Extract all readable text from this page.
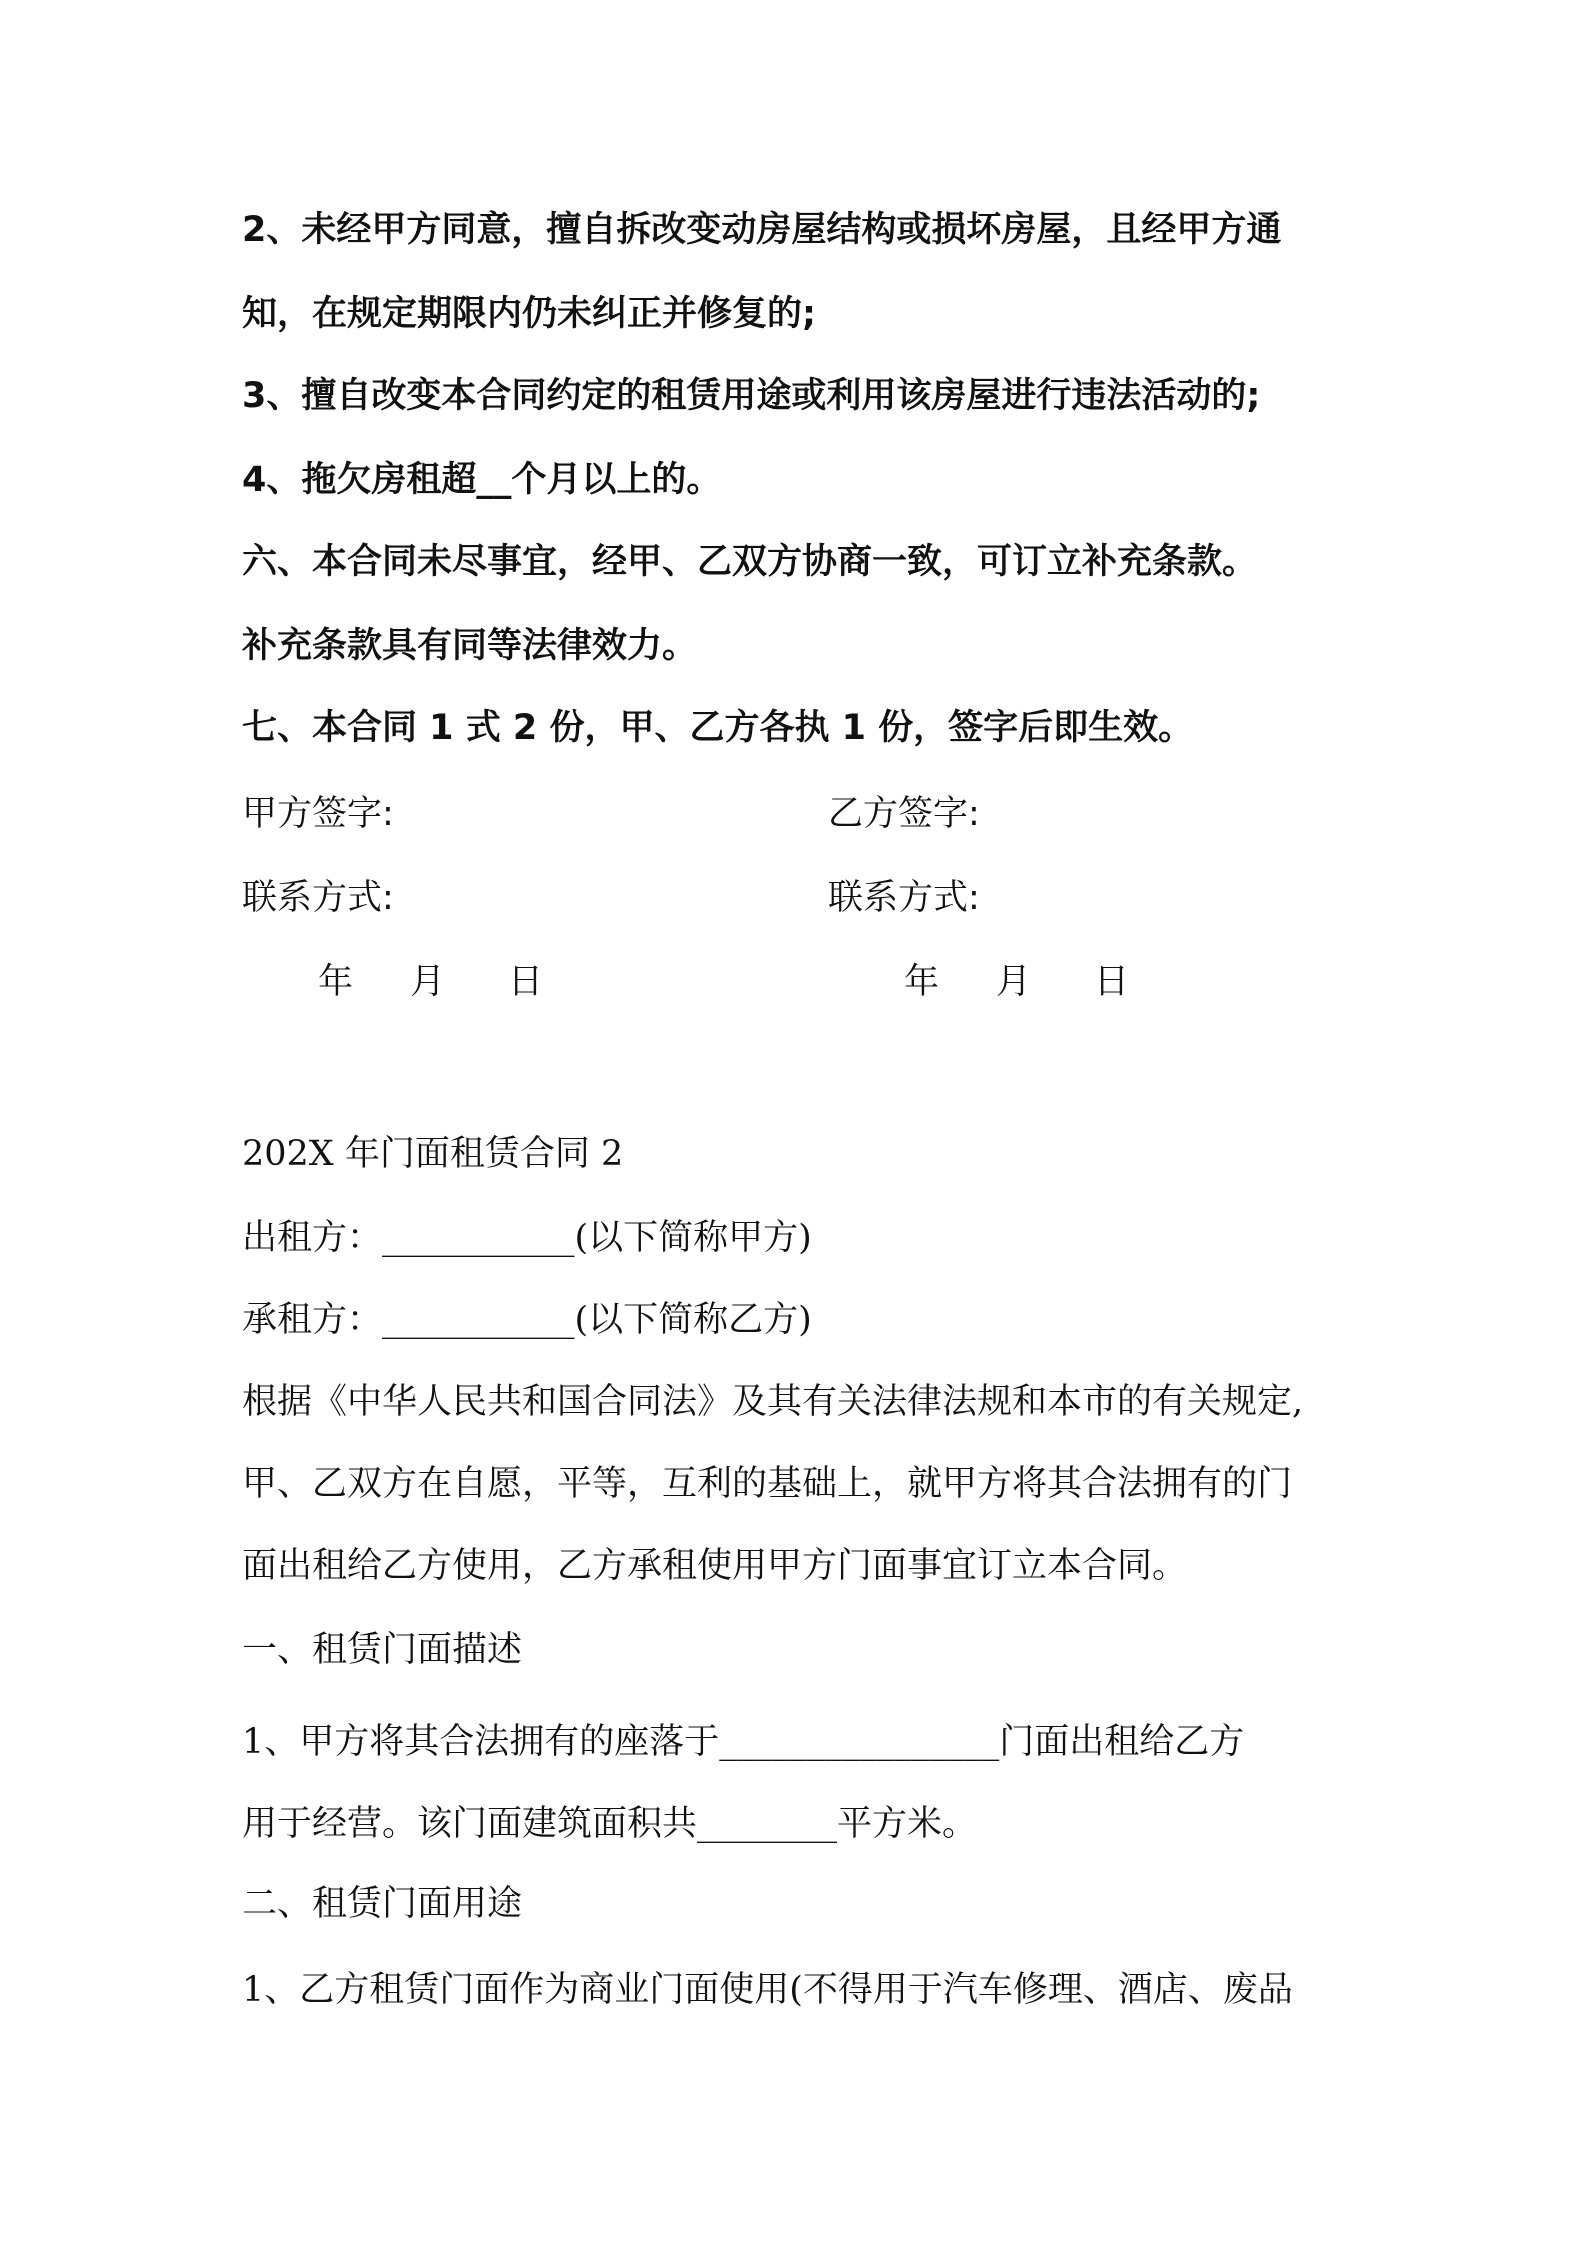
2、未经甲方同意，擅自拆改变动房屋结构或损坏房屋，且经甲方通
知，在规定期限内仍未纠正并修复的;
3、擅自改变本合同约定的租赁用途或利用该房屋进行违法活动的;
4、拖欠房租超__个月以上的。
六、本合同未尽事宜，经甲、乙双方协商一致，可订立补充条款。
补充条款具有同等法律效力。
七、本合同 1 式 2 份，甲、乙方各执 1 份，签字后即生效。
甲方签字:	乙方签字:
联系方式:	联系方式:
年 月 日	年 月 日
202X 年门面租赁合同 2
出租方：___________(以下简称甲方)
承租方：___________(以下简称乙方)
根据《中华人民共和国合同法》及其有关法律法规和本市的有关规定,
甲、乙双方在自愿，平等，互利的基础上，就甲方将其合法拥有的门
面出租给乙方使用，乙方承租使用甲方门面事宜订立本合同。
一、租赁门面描述
1、甲方将其合法拥有的座落于________________门面出租给乙方
用于经营。该门面建筑面积共________平方米。
二、租赁门面用途
1、乙方租赁门面作为商业门面使用(不得用于汽车修理、酒店、废品
